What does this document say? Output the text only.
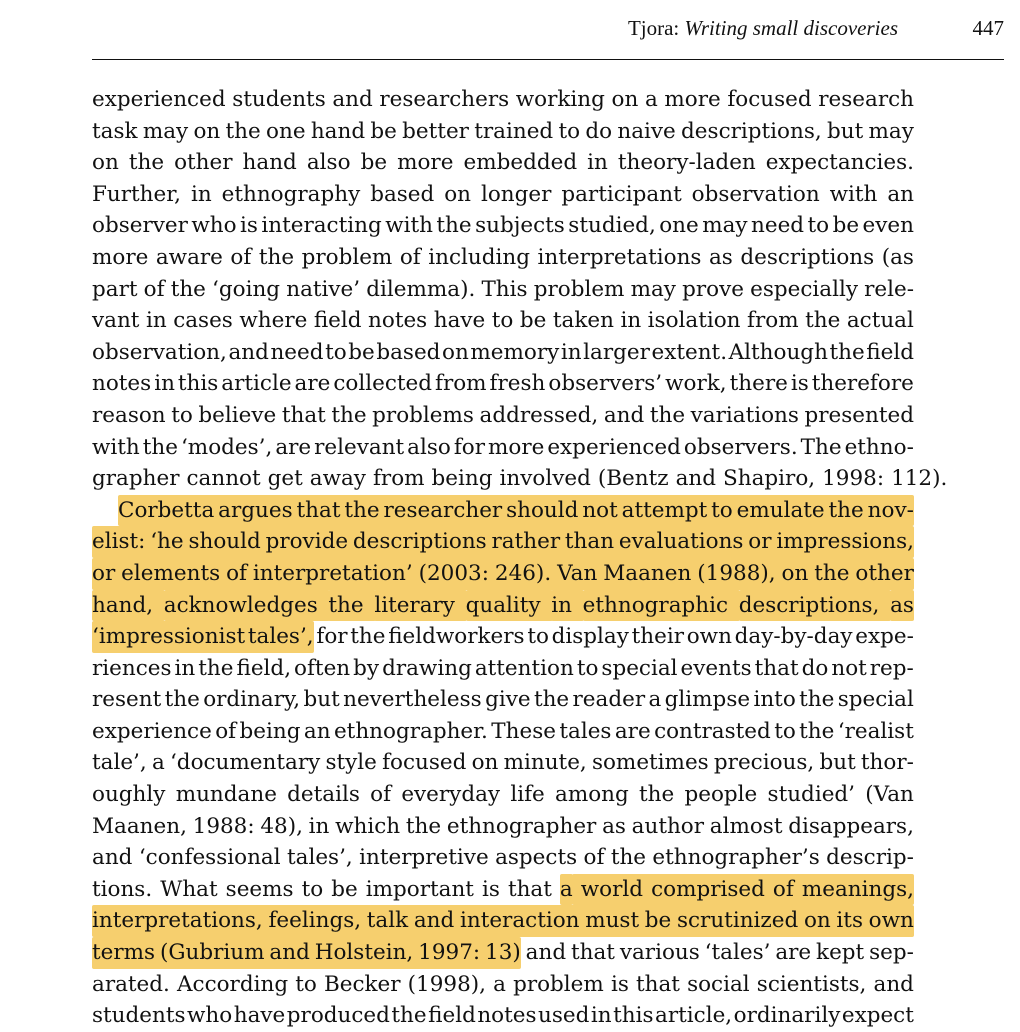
Tjora: Writing small discoveries	447
experienced students and researchers working on a more focused research
task may on the one hand be better trained to do naive descriptions, but may
on the other hand also be more embedded in theory-laden expectancies.
Further, in ethnography based on longer participant observation with an
observer who is interacting with the subjects studied, one may need to be even
more aware of the problem of including interpretations as descriptions (as
part of the ‘going native’ dilemma). This problem may prove especially rele-
vant in cases where field notes have to be taken in isolation from the actual
observation, and need to be based on memory in larger extent. Although the field
notes in this article are collected from fresh observers’ work, there is therefore
reason to believe that the problems addressed, and the variations presented
with the ‘modes’, are relevant also for more experienced observers. The ethno-
grapher cannot get away from being involved (Bentz and Shapiro, 1998: 112).
Corbetta argues that the researcher should not attempt to emulate the nov-
elist: ‘he should provide descriptions rather than evaluations or impressions,
or elements of interpretation’ (2003: 246). Van Maanen (1988), on the other
hand, acknowledges the literary quality in ethnographic descriptions, as
‘impressionist tales’, for the fieldworkers to display their own day-by-day expe-
riences in the field, often by drawing attention to special events that do not rep-
resent the ordinary, but nevertheless give the reader a glimpse into the special
experience of being an ethnographer. These tales are contrasted to the ‘realist
tale’, a ‘documentary style focused on minute, sometimes precious, but thor-
oughly mundane details of everyday life among the people studied’ (Van
Maanen, 1988: 48), in which the ethnographer as author almost disappears,
and ‘confessional tales’, interpretive aspects of the ethnographer’s descrip-
tions. What seems to be important is that a world comprised of meanings,
interpretations, feelings, talk and interaction must be scrutinized on its own
terms (Gubrium and Holstein, 1997: 13) and that various ‘tales’ are kept sep-
arated. According to Becker (1998), a problem is that social scientists, and
students who have produced the field notes used in this article, ordinarily expect
